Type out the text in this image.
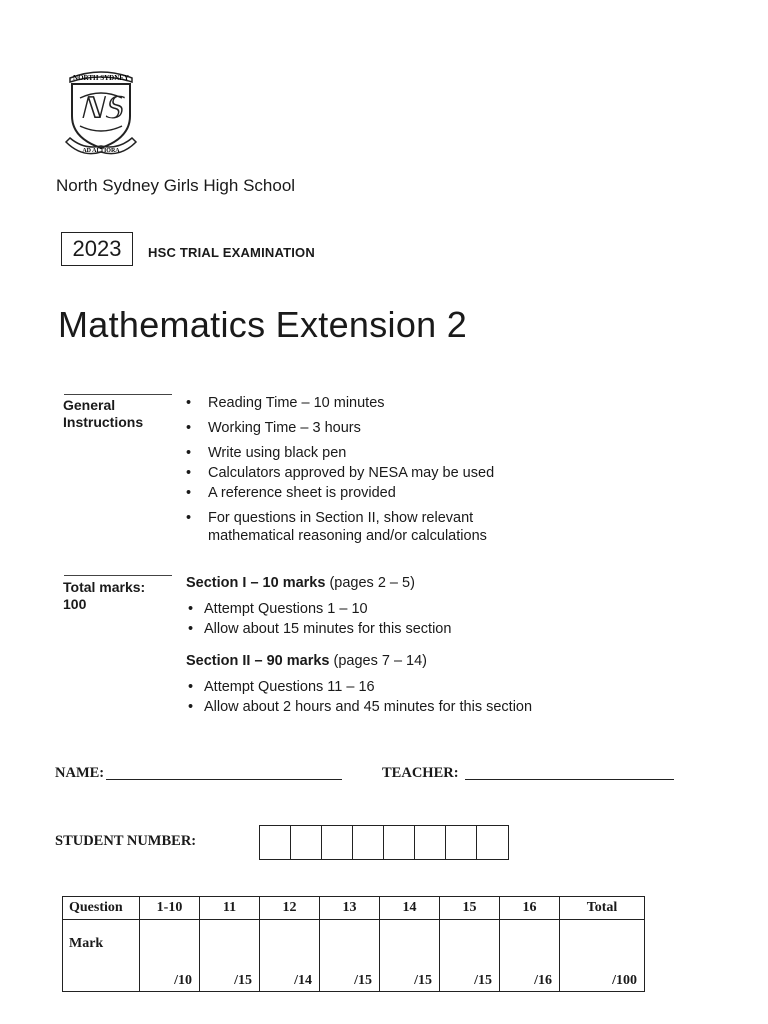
NORTH SYDNEY
ℕ𝕊
AD ALTIORA
North Sydney Girls High School
2023	HSC TRIAL EXAMINATION
Mathematics Extension 2
General
Instructions
• Reading Time – 10 minutes
• Working Time – 3 hours
• Write using black pen
• Calculators approved by NESA may be used
• A reference sheet is provided
• For questions in Section II, show relevant
mathematical reasoning and/or calculations
Total marks:
100
Section I – 10 marks (pages 2 – 5)
• Attempt Questions 1 – 10
• Allow about 15 minutes for this section
Section II – 90 marks (pages 7 – 14)
• Attempt Questions 11 – 16
• Allow about 2 hours and 45 minutes for this section
NAME:	TEACHER:
STUDENT NUMBER:
Question	1-10	11	12	13	14	15	16	Total
Mark	/10	/15	/14	/15	/15	/15	/16	/100
